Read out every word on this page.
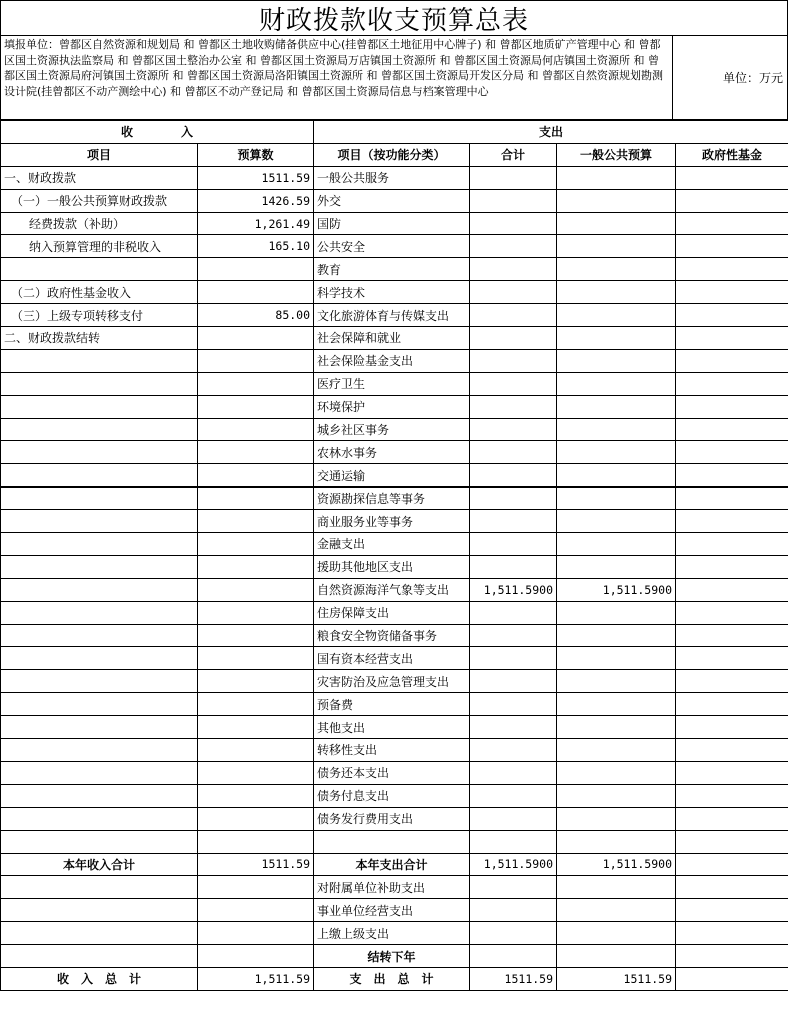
财政拨款收支预算总表
填报单位：曾都区自然资源和规划局 和 曾都区土地收购储备供应中心(挂曾都区土地征用中心牌子) 和 曾都区地质矿产管理中心 和 曾都区国土资源执法监察局 和 曾都区国土整治办公室 和 曾都区国土资源局万店镇国土资源所 和 曾都区国土资源局何店镇国土资源所 和 曾都区国土资源局府河镇国土资源所 和 曾都区国土资源局洛阳镇国土资源所 和 曾都区国土资源局开发区分局 和 曾都区自然资源规划勘测设计院(挂曾都区不动产测绘中心) 和 曾都区不动产登记局 和 曾都区国土资源局信息与档案管理中心
单位：万元
收　　　　入		支出			
项目	预算数	项目（按功能分类）	合计	一般公共预算	政府性基金
一、财政拨款	1511.59	一般公共服务			
（一）一般公共预算财政拨款	1426.59	外交			
经费拨款（补助）	1,261.49	国防			
纳入预算管理的非税收入	165.10	公共安全			
		教育			
（二）政府性基金收入		科学技术			
（三）上级专项转移支付	85.00	文化旅游体育与传媒支出			
二、财政拨款结转		社会保障和就业			
		社会保险基金支出			
		医疗卫生			
		环境保护			
		城乡社区事务			
		农林水事务			
		交通运输			
		资源勘探信息等事务			
		商业服务业等事务			
		金融支出			
		援助其他地区支出			
		自然资源海洋气象等支出	1,511.5900	1,511.5900	
		住房保障支出			
		粮食安全物资储备事务			
		国有资本经营支出			
		灾害防治及应急管理支出			
		预备费			
		其他支出			
		转移性支出			
		债务还本支出			
		债务付息支出			
		债务发行费用支出			

本年收入合计	1511.59	本年支出合计	1,511.5900	1,511.5900	
		对附属单位补助支出			
		事业单位经营支出			
		上缴上级支出			
		结转下年			
收　入　总　计	1,511.59	支　出　总　计	1511.59	1511.59	
